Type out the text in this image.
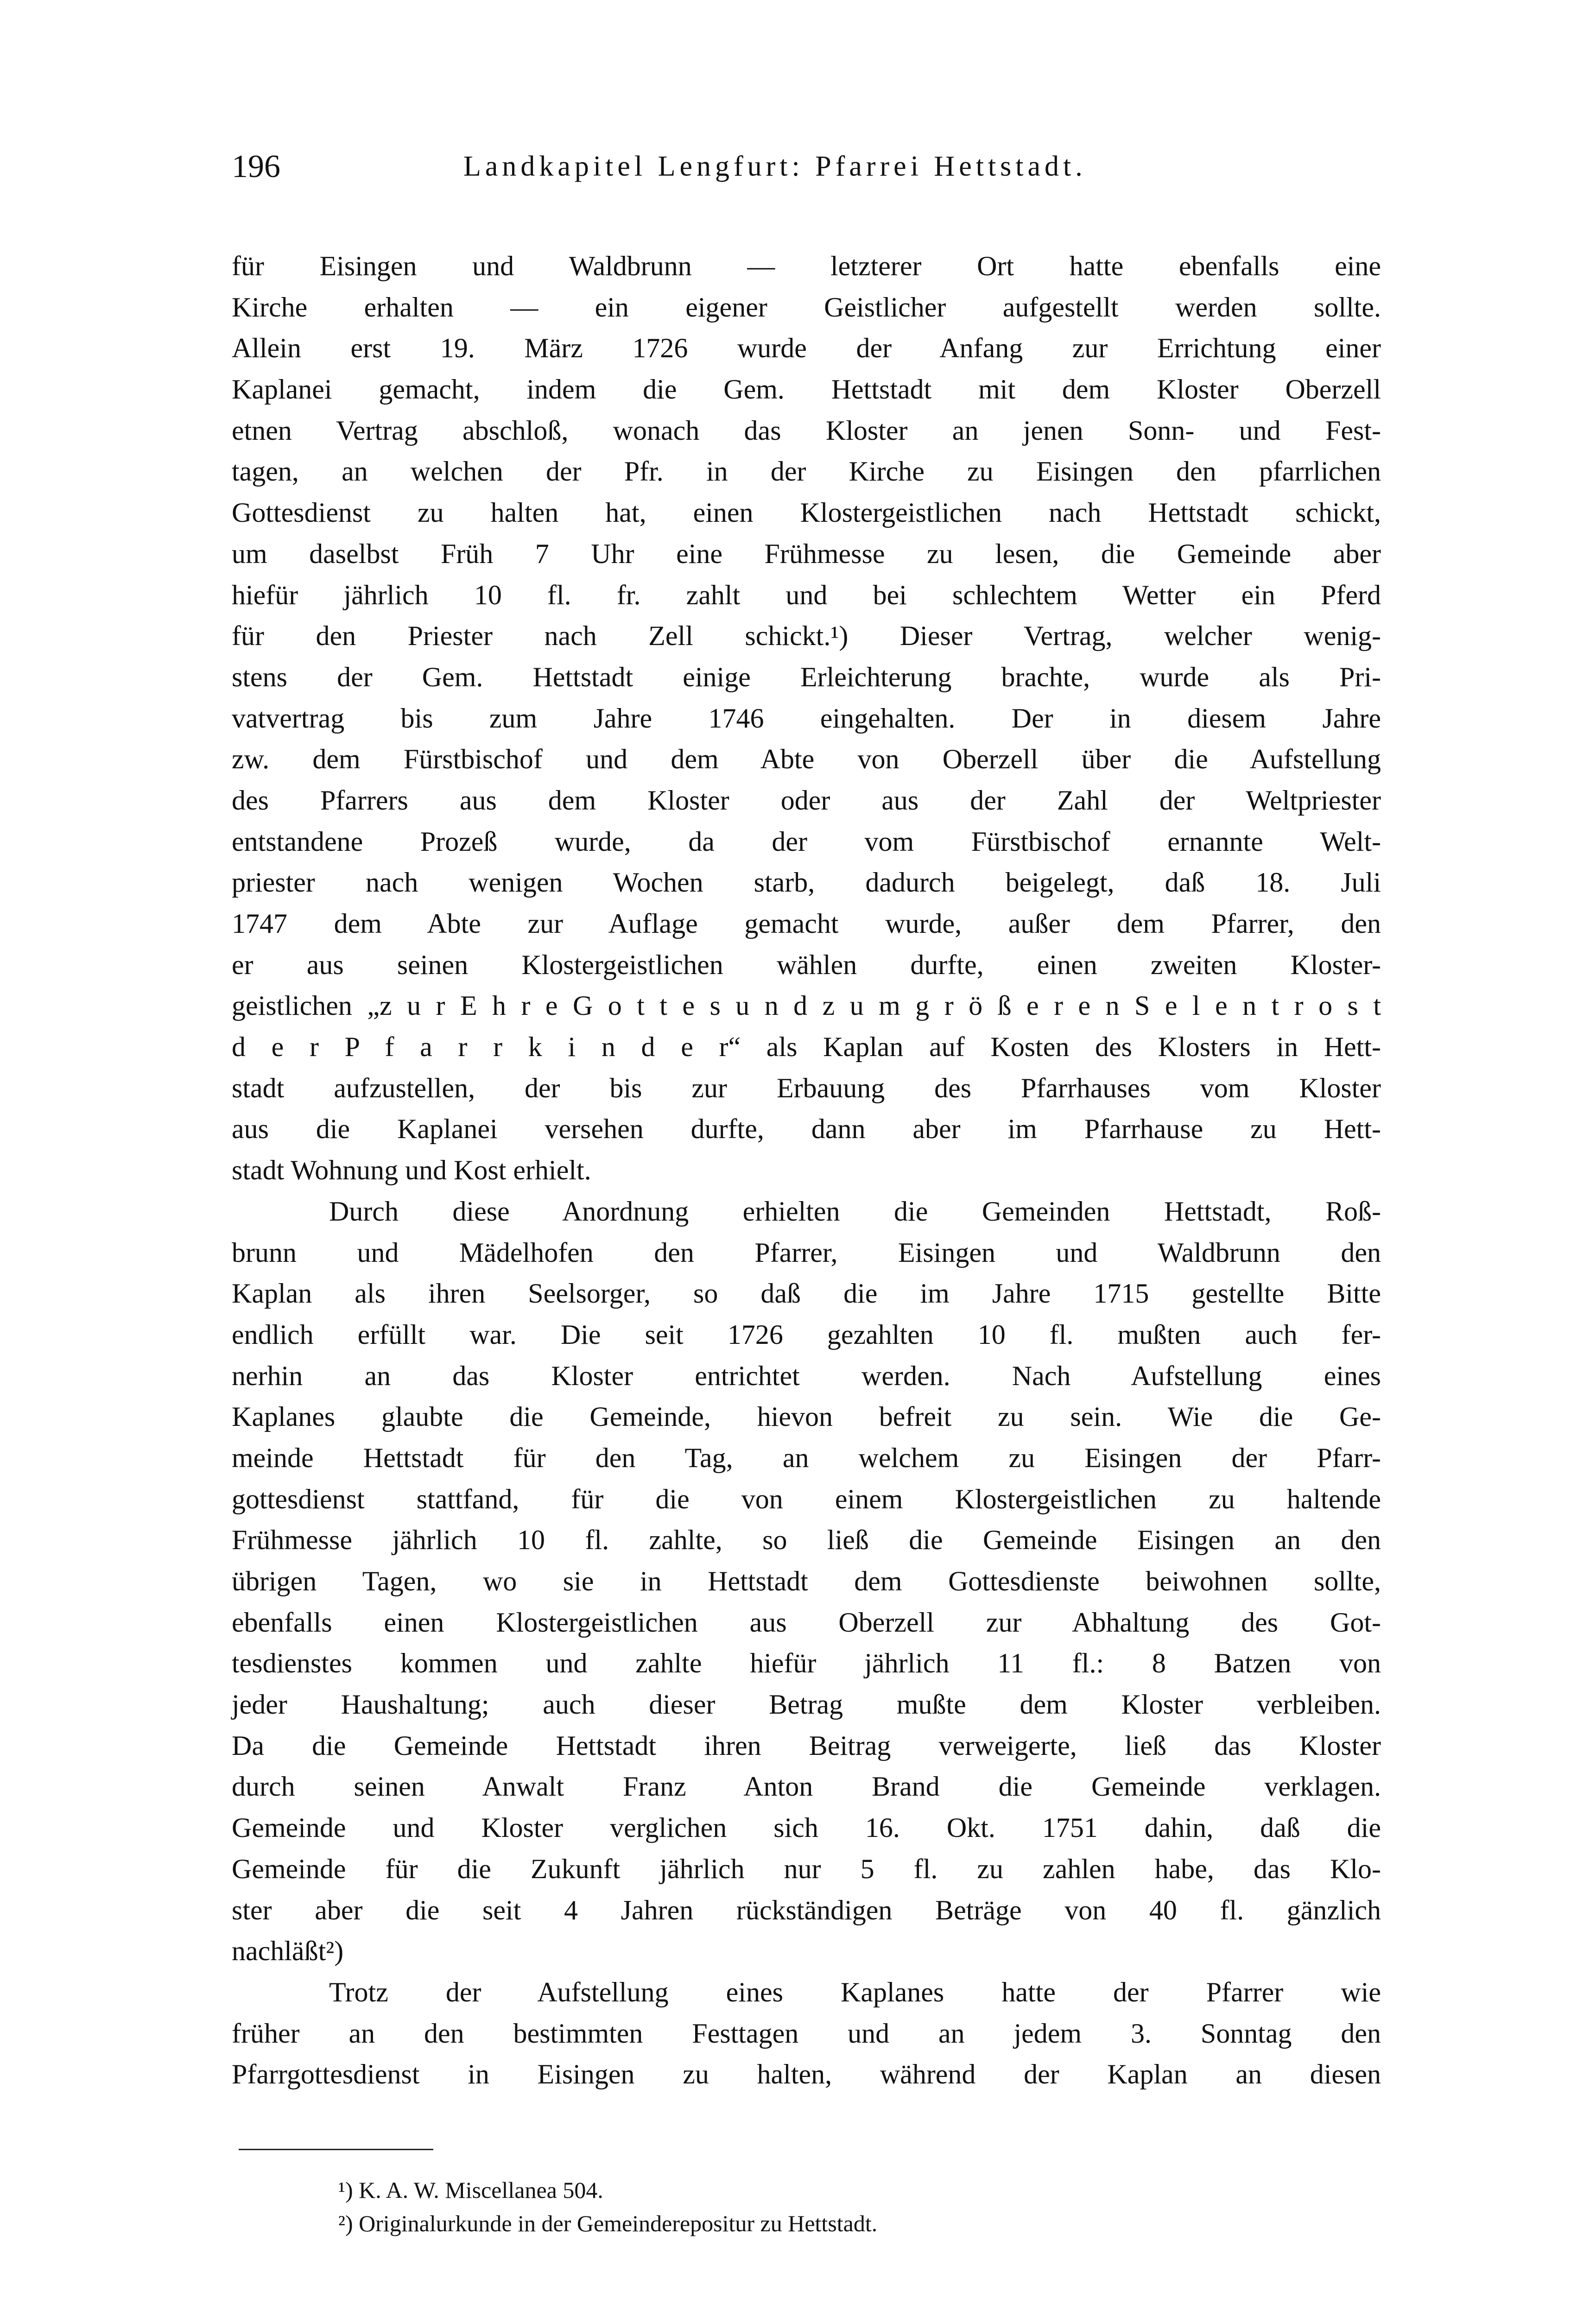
196	Landkapitel Lengfurt: Pfarrei Hettstadt.
für Eisingen und Waldbrunn — letzterer Ort hatte ebenfalls eine
Kirche erhalten — ein eigener Geistlicher aufgestellt werden sollte.
Allein erst 19. März 1726 wurde der Anfang zur Errichtung einer
Kaplanei gemacht, indem die Gem. Hettstadt mit dem Kloster Oberzell
etnen Vertrag abschloß, wonach das Kloster an jenen Sonn- und Fest-
tagen, an welchen der Pfr. in der Kirche zu Eisingen den pfarrlichen
Gottesdienst zu halten hat, einen Klostergeistlichen nach Hettstadt schickt,
um daselbst Früh 7 Uhr eine Frühmesse zu lesen, die Gemeinde aber
hiefür jährlich 10 fl. fr. zahlt und bei schlechtem Wetter ein Pferd
für den Priester nach Zell schickt.¹) Dieser Vertrag, welcher wenig-
stens der Gem. Hettstadt einige Erleichterung brachte, wurde als Pri-
vatvertrag bis zum Jahre 1746 eingehalten. Der in diesem Jahre
zw. dem Fürstbischof und dem Abte von Oberzell über die Aufstellung
des Pfarrers aus dem Kloster oder aus der Zahl der Weltpriester
entstandene Prozeß wurde, da der vom Fürstbischof ernannte Welt-
priester nach wenigen Wochen starb, dadurch beigelegt, daß 18. Juli
1747 dem Abte zur Auflage gemacht wurde, außer dem Pfarrer, den
er aus seinen Klostergeistlichen wählen durfte, einen zweiten Kloster-
geistlichen „z u r E h r e G o t t e s u n d z u m g r ö ß e r e n S e l e n t r o s t
d e r P f a r r k i n d e r“ als Kaplan auf Kosten des Klosters in Hett-
stadt aufzustellen, der bis zur Erbauung des Pfarrhauses vom Kloster
aus die Kaplanei versehen durfte, dann aber im Pfarrhause zu Hett-
stadt Wohnung und Kost erhielt.
Durch diese Anordnung erhielten die Gemeinden Hettstadt, Roß-
brunn und Mädelhofen den Pfarrer, Eisingen und Waldbrunn den
Kaplan als ihren Seelsorger, so daß die im Jahre 1715 gestellte Bitte
endlich erfüllt war. Die seit 1726 gezahlten 10 fl. mußten auch fer-
nerhin an das Kloster entrichtet werden. Nach Aufstellung eines
Kaplanes glaubte die Gemeinde, hievon befreit zu sein. Wie die Ge-
meinde Hettstadt für den Tag, an welchem zu Eisingen der Pfarr-
gottesdienst stattfand, für die von einem Klostergeistlichen zu haltende
Frühmesse jährlich 10 fl. zahlte, so ließ die Gemeinde Eisingen an den
übrigen Tagen, wo sie in Hettstadt dem Gottesdienste beiwohnen sollte,
ebenfalls einen Klostergeistlichen aus Oberzell zur Abhaltung des Got-
tesdienstes kommen und zahlte hiefür jährlich 11 fl.: 8 Batzen von
jeder Haushaltung; auch dieser Betrag mußte dem Kloster verbleiben.
Da die Gemeinde Hettstadt ihren Beitrag verweigerte, ließ das Kloster
durch seinen Anwalt Franz Anton Brand die Gemeinde verklagen.
Gemeinde und Kloster verglichen sich 16. Okt. 1751 dahin, daß die
Gemeinde für die Zukunft jährlich nur 5 fl. zu zahlen habe, das Klo-
ster aber die seit 4 Jahren rückständigen Beträge von 40 fl. gänzlich
nachläßt²)
Trotz der Aufstellung eines Kaplanes hatte der Pfarrer wie
früher an den bestimmten Festtagen und an jedem 3. Sonntag den
Pfarrgottesdienst in Eisingen zu halten, während der Kaplan an diesen
¹) K. A. W. Miscellanea 504.
²) Originalurkunde in der Gemeinderepositur zu Hettstadt.
